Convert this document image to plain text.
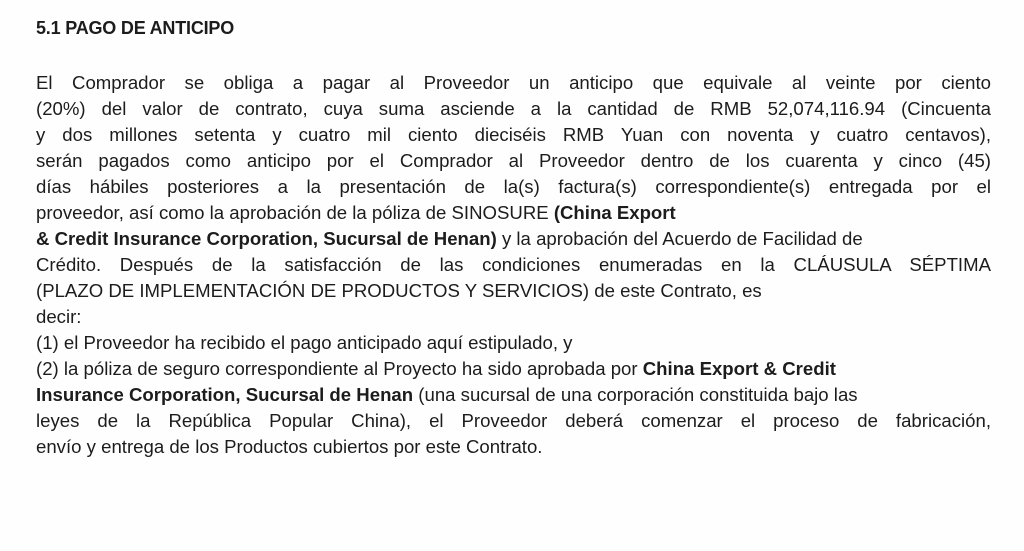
5.1 PAGO DE ANTICIPO
El Comprador se obliga a pagar al Proveedor un anticipo que equivale al veinte por ciento
(20%) del valor de contrato, cuya suma asciende a la cantidad de RMB 52,074,116.94 (Cincuenta
y dos millones setenta y cuatro mil ciento dieciséis RMB Yuan con noventa y cuatro centavos),
serán pagados como anticipo por el Comprador al Proveedor dentro de los cuarenta y cinco (45)
días hábiles posteriores a la presentación de la(s) factura(s) correspondiente(s) entregada por el
proveedor, así como la aprobación de la póliza de SINOSURE (China Export
& Credit Insurance Corporation, Sucursal de Henan) y la aprobación del Acuerdo de Facilidad de
Crédito. Después de la satisfacción de las condiciones enumeradas en la CLÁUSULA SÉPTIMA
(PLAZO DE IMPLEMENTACIÓN DE PRODUCTOS Y SERVICIOS) de este Contrato, es
decir:
(1) el Proveedor ha recibido el pago anticipado aquí estipulado, y
(2) la póliza de seguro correspondiente al Proyecto ha sido aprobada por China Export & Credit
Insurance Corporation, Sucursal de Henan (una sucursal de una corporación constituida bajo las
leyes de la República Popular China), el Proveedor deberá comenzar el proceso de fabricación,
envío y entrega de los Productos cubiertos por este Contrato.
